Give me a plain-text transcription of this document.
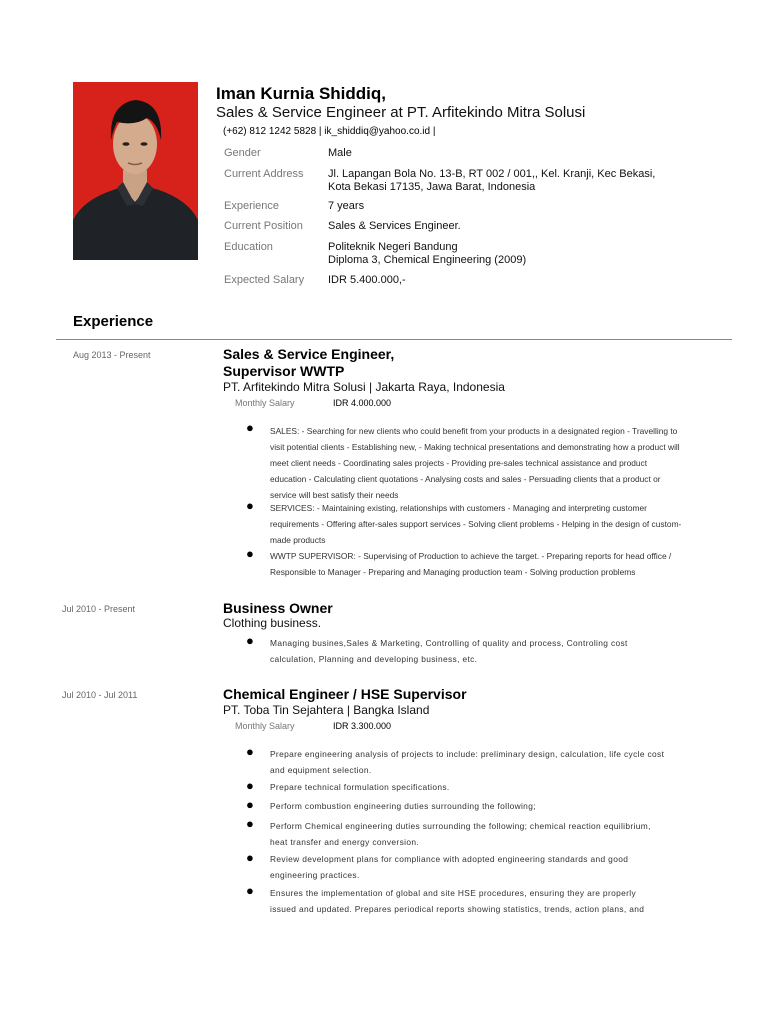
Iman Kurnia Shiddiq,
Sales & Service Engineer at PT. Arfitekindo Mitra Solusi
(+62) 812 1242 5828 | ik_shiddiq@yahoo.co.id |
Gender	Male
Current Address Jl. Lapangan Bola No. 13-B, RT 002 / 001,, Kel. Kranji, Kec Bekasi,
Kota Bekasi 17135, Jawa Barat, Indonesia
Experience	7 years
Current Position Sales & Services Engineer.
Education	Politeknik Negeri Bandung
Diploma 3, Chemical Engineering (2009)
Expected Salary IDR 5.400.000,-
Experience
Aug 2013 - Present	Sales & Service Engineer,
Supervisor WWTP
PT. Arfitekindo Mitra Solusi | Jakarta Raya, Indonesia
Monthly Salary	IDR 4.000.000
● SALES: - Searching for new clients who could benefit from your products in a designated region - Travelling to
visit potential clients - Establishing new, - Making technical presentations and demonstrating how a product will
meet client needs - Coordinating sales projects - Providing pre-sales technical assistance and product
education - Calculating client quotations - Analysing costs and sales - Persuading clients that a product or
service will best satisfy their needs
● SERVICES: - Maintaining existing, relationships with customers - Managing and interpreting customer
requirements - Offering after-sales support services - Solving client problems - Helping in the design of custom-
made products
● WWTP SUPERVISOR: - Supervising of Production to achieve the target. - Preparing reports for head office /
Responsible to Manager - Preparing and Managing production team - Solving production problems
Jul 2010 - Present	Business Owner
Clothing business.
● Managing busines,Sales & Marketing, Controlling of quality and process, Controling cost
calculation, Planning and developing business, etc.
Jul 2010 - Jul 2011	Chemical Engineer / HSE Supervisor
PT. Toba Tin Sejahtera | Bangka Island
Monthly Salary	IDR 3.300.000
● Prepare engineering analysis of projects to include: preliminary design, calculation, life cycle cost
and equipment selection.
● Prepare technical formulation specifications.
● Perform combustion engineering duties surrounding the following;
● Perform Chemical engineering duties surrounding the following; chemical reaction equilibrium,
heat transfer and energy conversion.
● Review development plans for compliance with adopted engineering standards and good
engineering practices.
● Ensures the implementation of global and site HSE procedures, ensuring they are properly
issued and updated. Prepares periodical reports showing statistics, trends, action plans, and
